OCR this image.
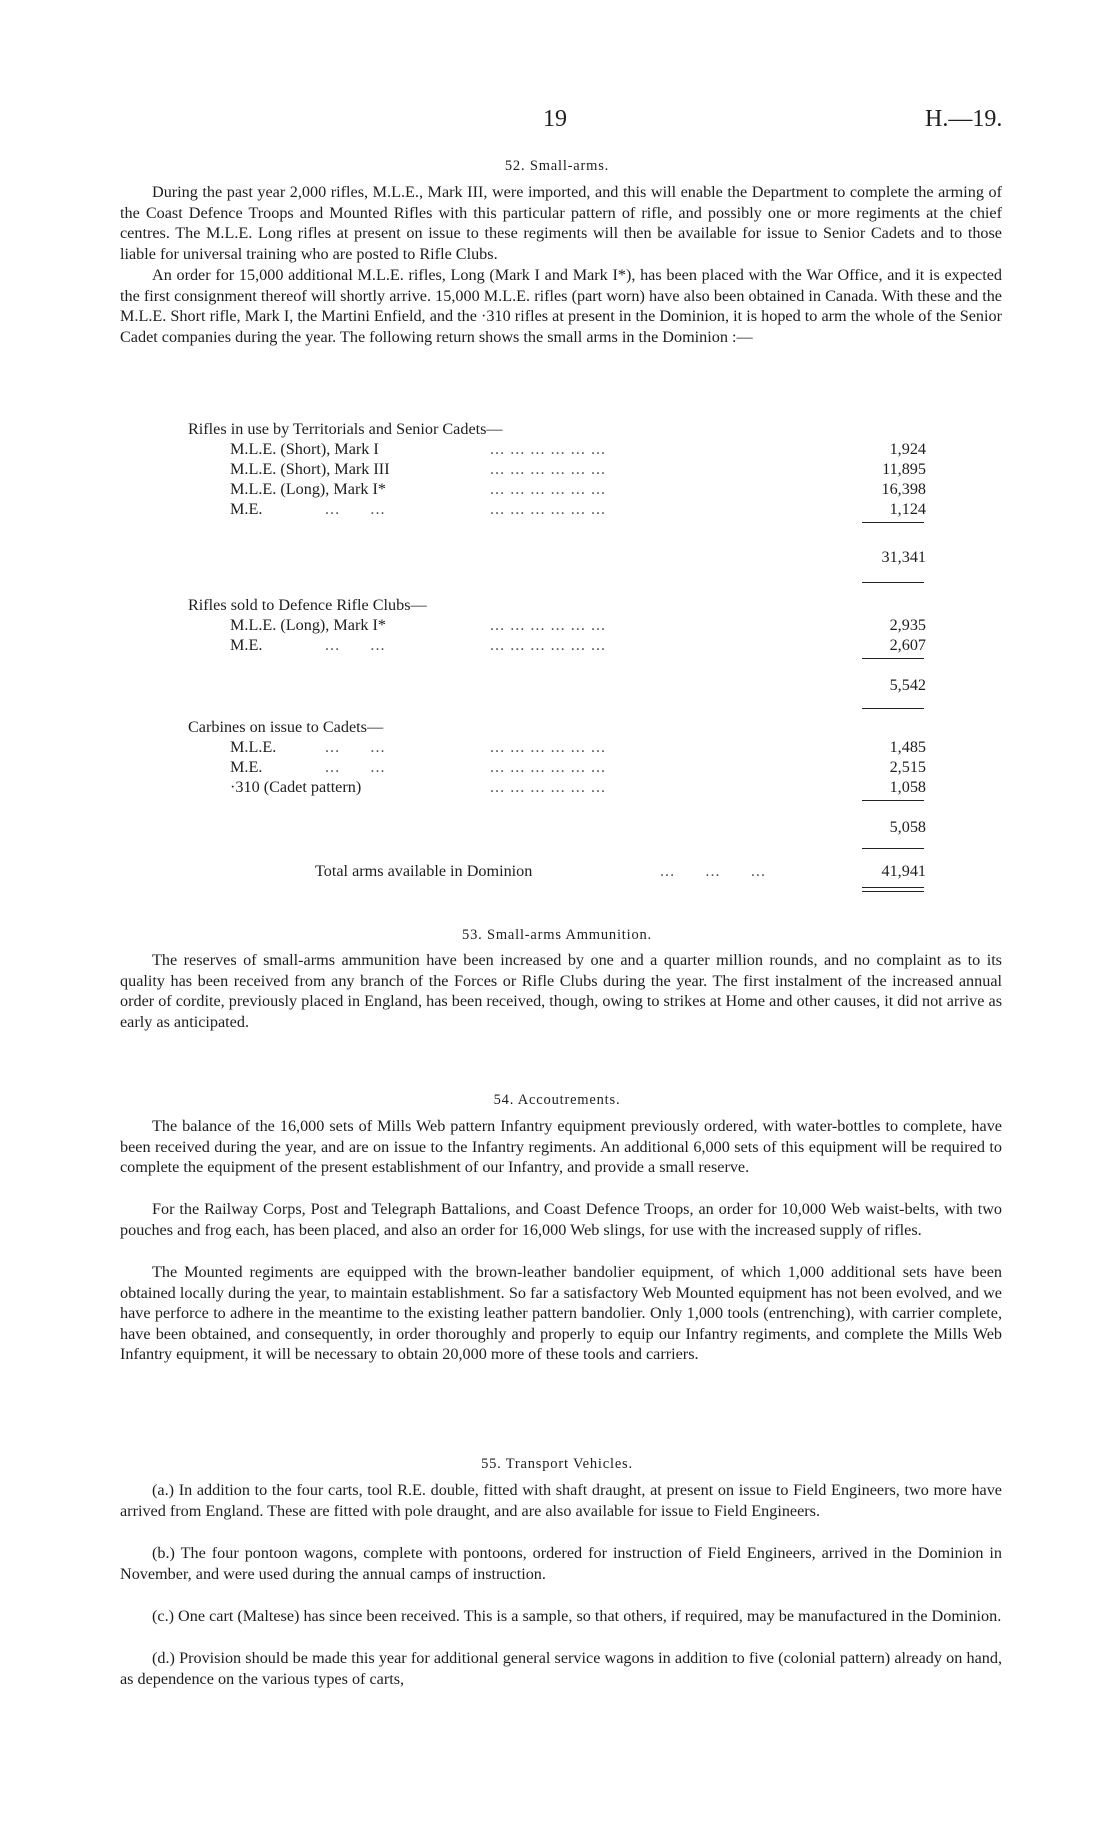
19	H.—19.
52. Small-arms.

During the past year 2,000 rifles, M.L.E., Mark III, were imported, and this will enable the Department to complete the arming of the Coast Defence Troops and Mounted Rifles with this particular pattern of rifle, and possibly one or more regiments at the chief centres. The M.L.E. Long rifles at present on issue to these regiments will then be available for issue to Senior Cadets and to those liable for universal training who are posted to Rifle Clubs.

An order for 15,000 additional M.L.E. rifles, Long (Mark I and Mark I*), has been placed with the War Office, and it is expected the first consignment thereof will shortly arrive. 15,000 M.L.E. rifles (part worn) have also been obtained in Canada. With these and the M.L.E. Short rifle, Mark I, the Martini Enfield, and the ·310 rifles at present in the Dominion, it is hoped to arm the whole of the Senior Cadet companies during the year. The following return shows the small arms in the Dominion :—

Rifles in use by Territorials and Senior Cadets—
M.L.E. (Short), Mark I	... ... ... ... ... ...	1,924
M.L.E. (Short), Mark III	... ... ... ... ... ...	11,895
M.L.E. (Long), Mark I*	... ... ... ... ... ...	16,398
M.E.	...      ...	... ... ... ... ... ...	1,124
31,341
Rifles sold to Defence Rifle Clubs—
M.L.E. (Long), Mark I*	... ... ... ... ... ...	2,935
M.E.	...      ...	... ... ... ... ... ...	2,607
5,542
Carbines on issue to Cadets—
M.L.E.	...      ...	... ... ... ... ... ...	1,485
M.E.	...      ...	... ... ... ... ... ...	2,515
·310 (Cadet pattern)	... ... ... ... ... ...	1,058
5,058
Total arms available in Dominion	...      ...      ...	41,941
53. Small-arms Ammunition.

The reserves of small-arms ammunition have been increased by one and a quarter million rounds, and no complaint as to its quality has been received from any branch of the Forces or Rifle Clubs during the year. The first instalment of the increased annual order of cordite, previously placed in England, has been received, though, owing to strikes at Home and other causes, it did not arrive as early as anticipated.

54. Accoutrements.

The balance of the 16,000 sets of Mills Web pattern Infantry equipment previously ordered, with water-bottles to complete, have been received during the year, and are on issue to the Infantry regiments. An additional 6,000 sets of this equipment will be required to complete the equipment of the present establishment of our Infantry, and provide a small reserve.

For the Railway Corps, Post and Telegraph Battalions, and Coast Defence Troops, an order for 10,000 Web waist-belts, with two pouches and frog each, has been placed, and also an order for 16,000 Web slings, for use with the increased supply of rifles.

The Mounted regiments are equipped with the brown-leather bandolier equipment, of which 1,000 additional sets have been obtained locally during the year, to maintain establishment. So far a satisfactory Web Mounted equipment has not been evolved, and we have perforce to adhere in the meantime to the existing leather pattern bandolier. Only 1,000 tools (entrenching), with carrier complete, have been obtained, and consequently, in order thoroughly and properly to equip our Infantry regiments, and complete the Mills Web Infantry equipment, it will be necessary to obtain 20,000 more of these tools and carriers.

55. Transport Vehicles.

(a.) In addition to the four carts, tool R.E. double, fitted with shaft draught, at present on issue to Field Engineers, two more have arrived from England. These are fitted with pole draught, and are also available for issue to Field Engineers.

(b.) The four pontoon wagons, complete with pontoons, ordered for instruction of Field Engineers, arrived in the Dominion in November, and were used during the annual camps of instruction.

(c.) One cart (Maltese) has since been received. This is a sample, so that others, if required, may be manufactured in the Dominion.

(d.) Provision should be made this year for additional general service wagons in addition to five (colonial pattern) already on hand, as dependence on the various types of carts,
